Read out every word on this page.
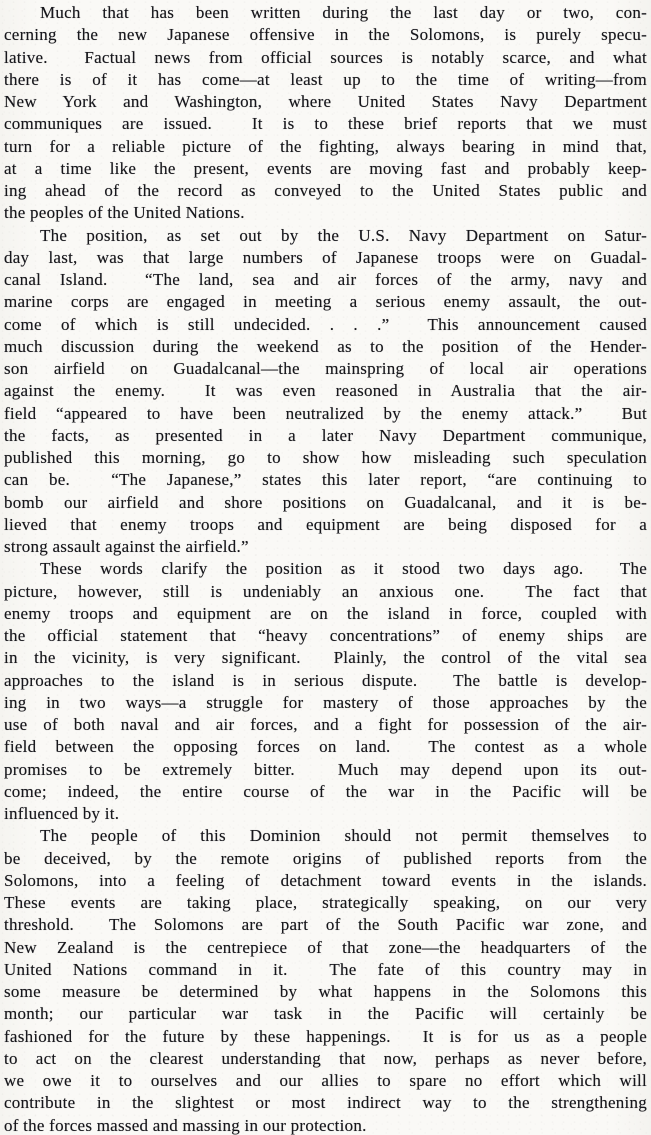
Much that has been written during the last day or two, con-
cerning the new Japanese offensive in the Solomons, is purely specu-
lative.  Factual news from official sources is notably scarce, and what
there is of it has come—at least up to the time of writing—from
New York and Washington, where United States Navy Department
communiques are issued.  It is to these brief reports that we must
turn for a reliable picture of the fighting, always bearing in mind that,
at a time like the present, events are moving fast and probably keep-
ing ahead of the record as conveyed to the United States public and
the peoples of the United Nations.
The position, as set out by the U.S. Navy Department on Satur-
day last, was that large numbers of Japanese troops were on Guadal-
canal Island.  “The land, sea and air forces of the army, navy and
marine corps are engaged in meeting a serious enemy assault, the out-
come of which is still undecided. . . .”  This announcement caused
much discussion during the weekend as to the position of the Hender-
son airfield on Guadalcanal—the mainspring of local air operations
against the enemy.  It was even reasoned in Australia that the air-
field “appeared to have been neutralized by the enemy attack.”  But
the facts, as presented in a later Navy Department communique,
published this morning, go to show how misleading such speculation
can be.  “The Japanese,” states this later report, “are continuing to
bomb our airfield and shore positions on Guadalcanal, and it is be-
lieved that enemy troops and equipment are being disposed for a
strong assault against the airfield.”
These words clarify the position as it stood two days ago.  The
picture, however, still is undeniably an anxious one.  The fact that
enemy troops and equipment are on the island in force, coupled with
the official statement that “heavy concentrations” of enemy ships are
in the vicinity, is very significant.  Plainly, the control of the vital sea
approaches to the island is in serious dispute.  The battle is develop-
ing in two ways—a struggle for mastery of those approaches by the
use of both naval and air forces, and a fight for possession of the air-
field between the opposing forces on land.  The contest as a whole
promises to be extremely bitter.  Much may depend upon its out-
come; indeed, the entire course of the war in the Pacific will be
influenced by it.
The people of this Dominion should not permit themselves to
be deceived, by the remote origins of published reports from the
Solomons, into a feeling of detachment toward events in the islands.
These events are taking place, strategically speaking, on our very
threshold.  The Solomons are part of the South Pacific war zone, and
New Zealand is the centrepiece of that zone—the headquarters of the
United Nations command in it.  The fate of this country may in
some measure be determined by what happens in the Solomons this
month; our particular war task in the Pacific will certainly be
fashioned for the future by these happenings.  It is for us as a people
to act on the clearest understanding that now, perhaps as never before,
we owe it to ourselves and our allies to spare no effort which will
contribute in the slightest or most indirect way to the strengthening
of the forces massed and massing in our protection.
